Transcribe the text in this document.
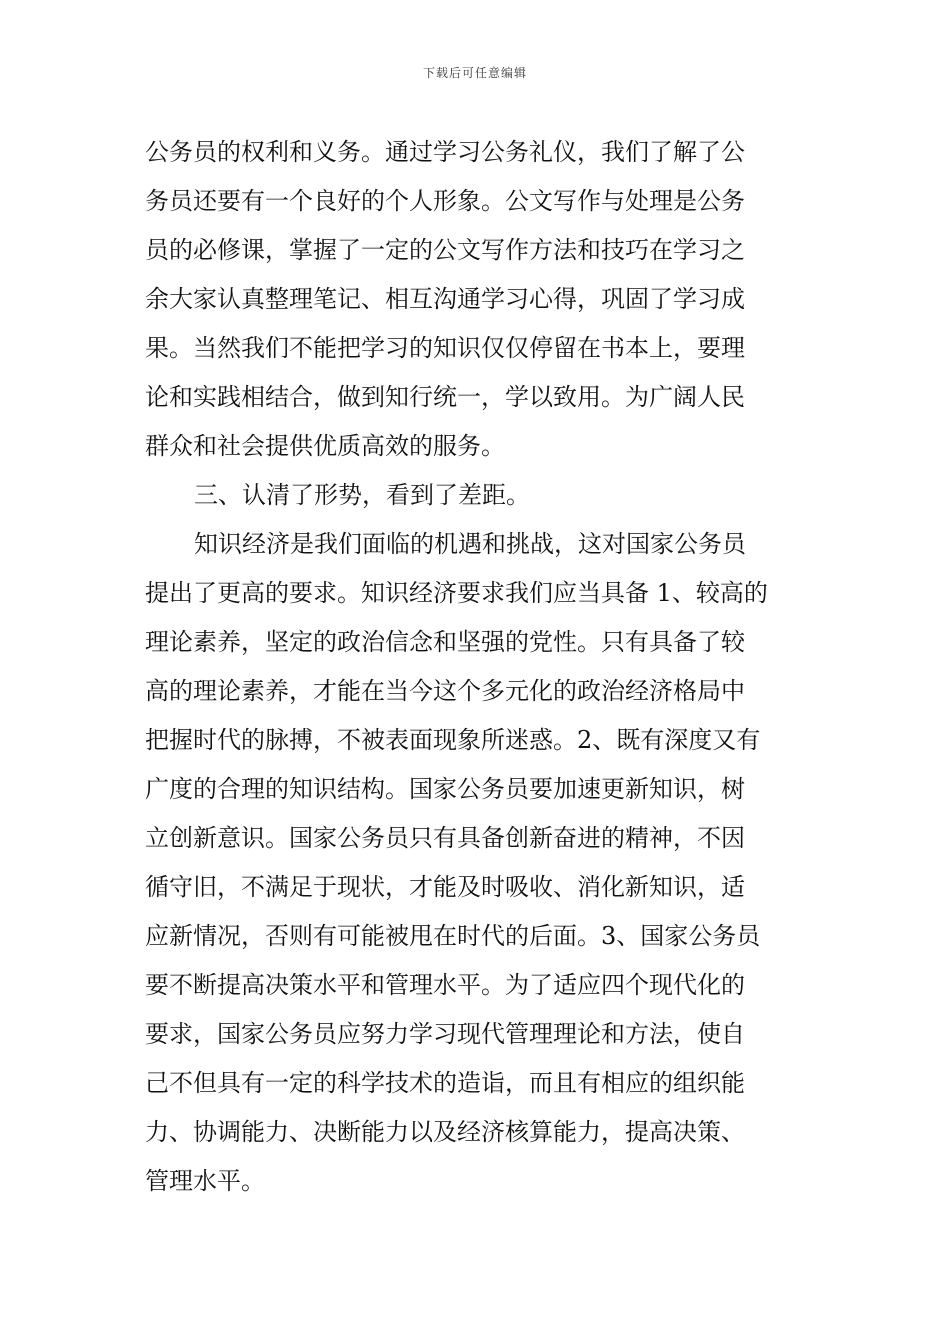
下载后可任意编辑
公务员的权利和义务。通过学习公务礼仪，我们了解了公
务员还要有一个良好的个人形象。公文写作与处理是公务
员的必修课，掌握了一定的公文写作方法和技巧在学习之
余大家认真整理笔记、相互沟通学习心得，巩固了学习成
果。当然我们不能把学习的知识仅仅停留在书本上，要理
论和实践相结合，做到知行统一，学以致用。为广阔人民
群众和社会提供优质高效的服务。
三、认清了形势，看到了差距。
知识经济是我们面临的机遇和挑战，这对国家公务员
提出了更高的要求。知识经济要求我们应当具备 1、较高的
理论素养，坚定的政治信念和坚强的党性。只有具备了较
高的理论素养，才能在当今这个多元化的政治经济格局中
把握时代的脉搏，不被表面现象所迷惑。2、既有深度又有
广度的合理的知识结构。国家公务员要加速更新知识，树
立创新意识。国家公务员只有具备创新奋进的精神，不因
循守旧，不满足于现状，才能及时吸收、消化新知识，适
应新情况，否则有可能被甩在时代的后面。3、国家公务员
要不断提高决策水平和管理水平。为了适应四个现代化的
要求，国家公务员应努力学习现代管理理论和方法，使自
己不但具有一定的科学技术的造诣，而且有相应的组织能
力、协调能力、决断能力以及经济核算能力，提高决策、
管理水平。
